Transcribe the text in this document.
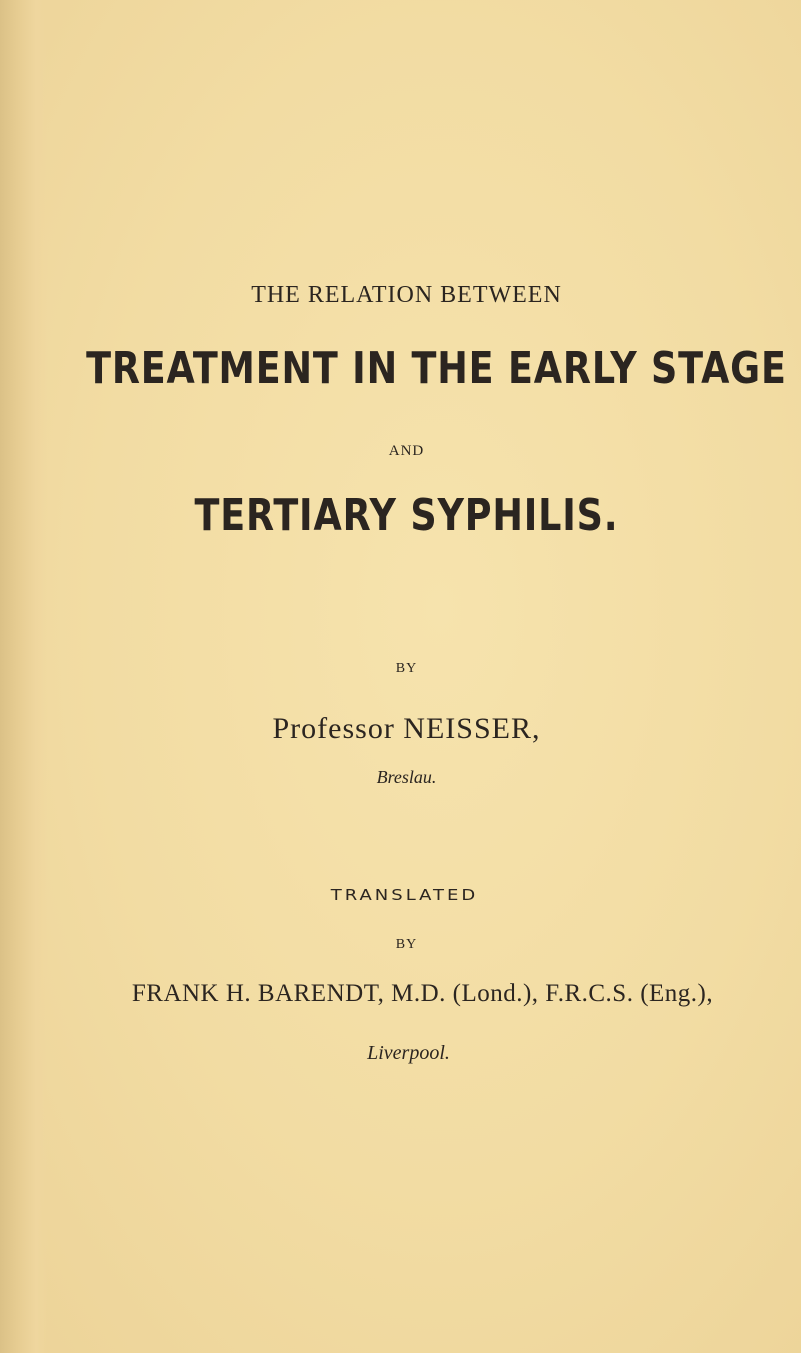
THE RELATION BETWEEN
TREATMENT IN THE EARLY STAGE
AND
TERTIARY SYPHILIS.
BY
Professor NEISSER,
Breslau.
TRANSLATED
BY
FRANK H. BARENDT, M.D. (Lond.), F.R.C.S. (Eng.),
Liverpool.
